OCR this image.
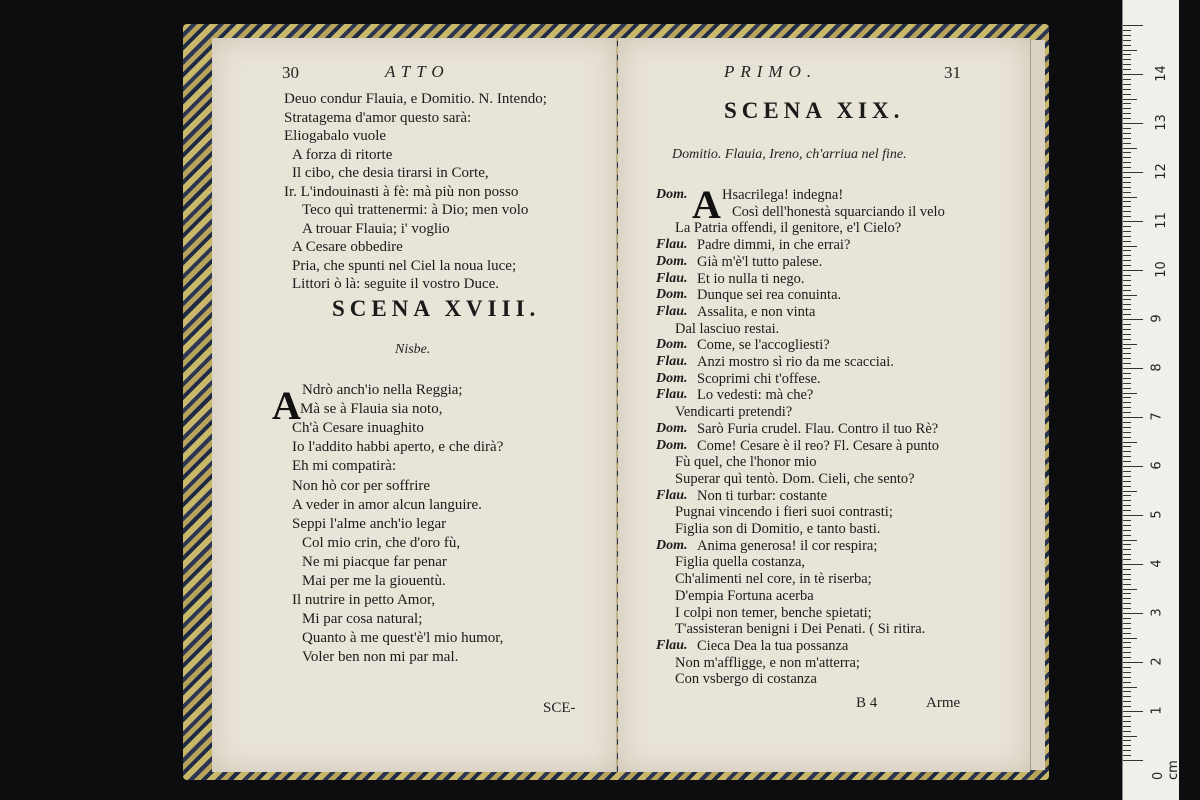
30	ATTO
Deuo condur Flauia, e Domitio. N. Intendo;
Stratagema d'amor questo sarà:
Eliogabalo vuole
A forza di ritorte
Il cibo, che desia tirarsi in Corte,
Ir. L'indouinasti à fè: mà più non posso
Teco quì trattenermi: à Dio; men volo
A trouar Flauia; i' voglio
A Cesare obbedire
Pria, che spunti nel Ciel la noua luce;
Littori ò là: seguite il vostro Duce.
SCENA XVIII.
Nisbe.
A Ndrò anch'io nella Reggia;
Mà se à Flauia sia noto,
Ch'à Cesare inuaghito
Io l'addito habbi aperto, e che dirà?
Eh mi compatirà:
Non hò cor per soffrire
A veder in amor alcun languire.
Seppi l'alme anch'io legar
Col mio crin, che d'oro fù,
Ne mi piacque far penar
Mai per me la giouentù.
Il nutrire in petto Amor,
Mi par cosa natural;
Quanto à me quest'è'l mio humor,
Voler ben non mi par mal.
SCE-
PRIMO.	31
SCENA XIX.
Domitio. Flauia, Ireno, ch'arriua nel fine.
A
Dom. Hsacrilega! indegna!
Così dell'honestà squarciando il velo
La Patria offendi, il genitore, e'l Cielo?
Flau. Padre dimmi, in che errai?
Dom. Già m'è'l tutto palese.
Flau. Et io nulla ti nego.
Dom. Dunque sei rea conuinta.
Flau. Assalita, e non vinta
Dal lasciuo restai.
Dom. Come, se l'accogliesti?
Flau. Anzi mostro sì rio da me scacciai.
Dom. Scoprimi chi t'offese.
Flau. Lo vedesti: mà che?
Vendicarti pretendi?
Dom. Sarò Furia crudel. Flau. Contro il tuo Rè?
Dom. Come! Cesare è il reo? Fl. Cesare à punto
Fù quel, che l'honor mio
Superar quì tentò. Dom. Cieli, che sento?
Flau. Non ti turbar: costante
Pugnai vincendo i fieri suoi contrasti;
Figlia son di Domitio, e tanto basti.
Dom. Anima generosa! il cor respira;
Figlia quella costanza,
Ch'alimenti nel core, in tè riserba;
D'empia Fortuna acerba
I colpi non temer, benche spietati;
T'assisteran benigni i Dei Penati. ( Si ritira.
Flau. Cieca Dea la tua possanza
Non m'affligge, e non m'atterra;
Con vsbergo di costanza
B 4	Arme
14
13
12
11
10
9
8
7
6
5
4
3
2
1
0 cm
